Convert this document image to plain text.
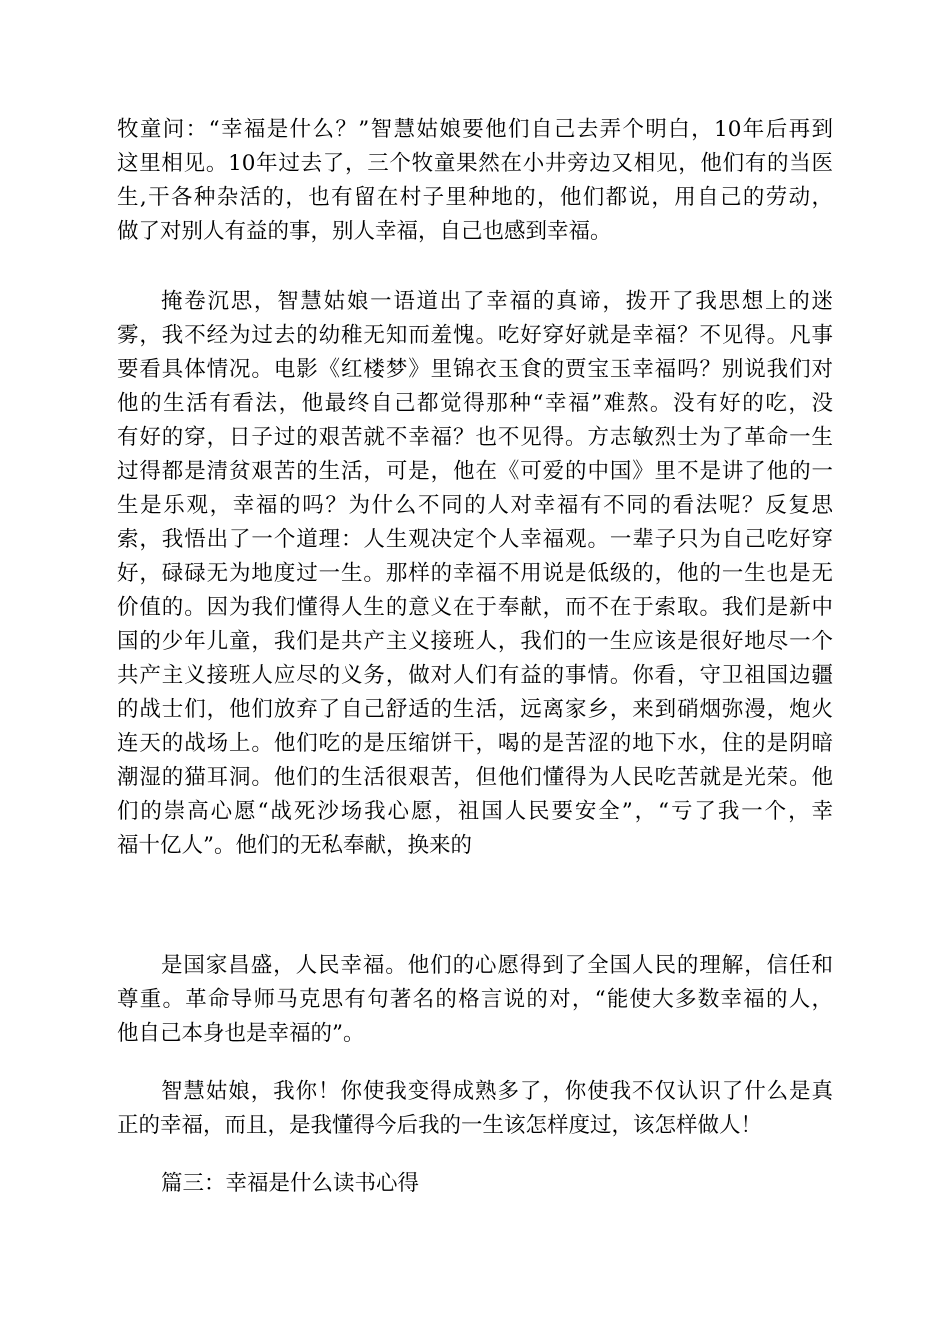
牧童问：“幸福是什么？”智慧姑娘要他们自己去弄个明白，10年后再到
这里相见。10年过去了，三个牧童果然在小井旁边又相见，他们有的当医
生,干各种杂活的，也有留在村子里种地的，他们都说，用自己的劳动，
做了对别人有益的事，别人幸福，自己也感到幸福。
掩卷沉思，智慧姑娘一语道出了幸福的真谛，拨开了我思想上的迷
雾，我不经为过去的幼稚无知而羞愧。吃好穿好就是幸福？不见得。凡事
要看具体情况。电影《红楼梦》里锦衣玉食的贾宝玉幸福吗？别说我们对
他的生活有看法，他最终自己都觉得那种“幸福”难熬。没有好的吃，没
有好的穿，日子过的艰苦就不幸福？也不见得。方志敏烈士为了革命一生
过得都是清贫艰苦的生活，可是，他在《可爱的中国》里不是讲了他的一
生是乐观，幸福的吗？为什么不同的人对幸福有不同的看法呢？反复思
索，我悟出了一个道理：人生观决定个人幸福观。一辈子只为自己吃好穿
好，碌碌无为地度过一生。那样的幸福不用说是低级的，他的一生也是无
价值的。因为我们懂得人生的意义在于奉献，而不在于索取。我们是新中
国的少年儿童，我们是共产主义接班人，我们的一生应该是很好地尽一个
共产主义接班人应尽的义务，做对人们有益的事情。你看，守卫祖国边疆
的战士们，他们放弃了自己舒适的生活，远离家乡，来到硝烟弥漫，炮火
连天的战场上。他们吃的是压缩饼干，喝的是苦涩的地下水，住的是阴暗
潮湿的猫耳洞。他们的生活很艰苦，但他们懂得为人民吃苦就是光荣。他
们的崇高心愿“战死沙场我心愿，祖国人民要安全”，“亏了我一个，幸
福十亿人”。他们的无私奉献，换来的
是国家昌盛，人民幸福。他们的心愿得到了全国人民的理解，信任和
尊重。革命导师马克思有句著名的格言说的对，“能使大多数幸福的人，
他自己本身也是幸福的”。
智慧姑娘，我你！你使我变得成熟多了，你使我不仅认识了什么是真
正的幸福，而且，是我懂得今后我的一生该怎样度过，该怎样做人！
篇三：幸福是什么读书心得
